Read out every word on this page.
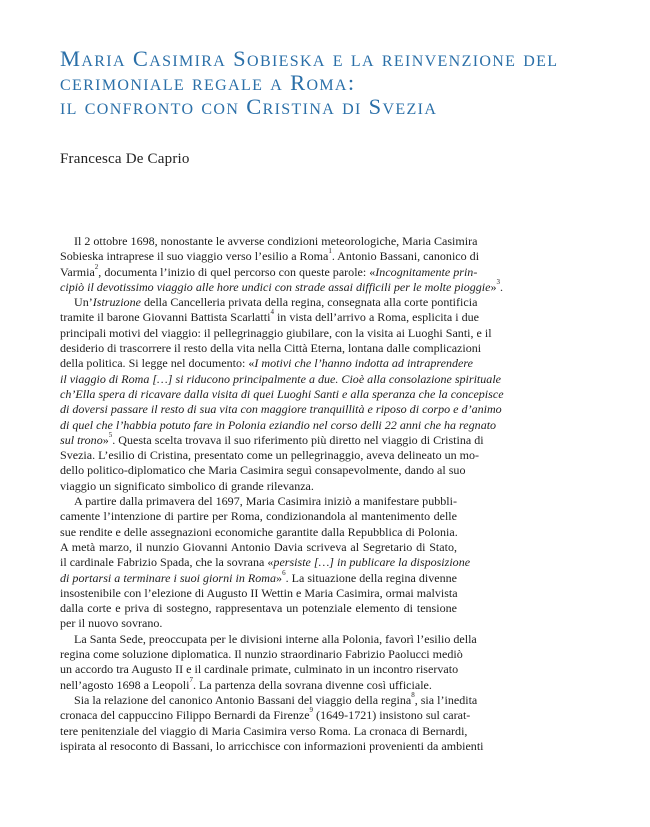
Maria Casimira Sobieska e la reinvenzione del
cerimoniale regale a Roma:
il confronto con Cristina di Svezia

Francesca De Caprio

Il 2 ottobre 1698, nonostante le avverse condizioni meteorologiche, Maria Casimira
Sobieska intraprese il suo viaggio verso l’esilio a Roma$^1$. Antonio Bassani, canonico di
Varmia$^2$, documenta l’inizio di quel percorso con queste parole: «Incognitamente prin-
cipiò il devotissimo viaggio alle hore undici con strade assai difficili per le molte pioggie»$^3$.
Un’Istruzione della Cancelleria privata della regina, consegnata alla corte pontificia
tramite il barone Giovanni Battista Scarlatti$^4$ in vista dell’arrivo a Roma, esplicita i due
principali motivi del viaggio: il pellegrinaggio giubilare, con la visita ai Luoghi Santi, e il
desiderio di trascorrere il resto della vita nella Città Eterna, lontana dalle complicazioni
della politica. Si legge nel documento: «I motivi che l’hanno indotta ad intraprendere
il viaggio di Roma […] si riducono principalmente a due. Cioè alla consolazione spirituale
ch’Ella spera di ricavare dalla visita di quei Luoghi Santi e alla speranza che la concepisce
di doversi passare il resto di sua vita con maggiore tranquillità e riposo di corpo e d’animo
di quel che l’habbia potuto fare in Polonia eziandio nel corso delli 22 anni che ha regnato
sul trono»$^5$. Questa scelta trovava il suo riferimento più diretto nel viaggio di Cristina di
Svezia. L’esilio di Cristina, presentato come un pellegrinaggio, aveva delineato un mo-
dello politico-diplomatico che Maria Casimira seguì consapevolmente, dando al suo
viaggio un significato simbolico di grande rilevanza.
A partire dalla primavera del 1697, Maria Casimira iniziò a manifestare pubbli-
camente l’intenzione di partire per Roma, condizionandola al mantenimento delle
sue rendite e delle assegnazioni economiche garantite dalla Repubblica di Polonia.
A metà marzo, il nunzio Giovanni Antonio Davia scriveva al Segretario di Stato,
il cardinale Fabrizio Spada, che la sovrana «persiste […] in publicare la disposizione
di portarsi a terminare i suoi giorni in Roma»$^6$. La situazione della regina divenne
insostenibile con l’elezione di Augusto II Wettin e Maria Casimira, ormai malvista
dalla corte e priva di sostegno, rappresentava un potenziale elemento di tensione
per il nuovo sovrano.
La Santa Sede, preoccupata per le divisioni interne alla Polonia, favorì l’esilio della
regina come soluzione diplomatica. Il nunzio straordinario Fabrizio Paolucci mediò
un accordo tra Augusto II e il cardinale primate, culminato in un incontro riservato
nell’agosto 1698 a Leopoli$^7$. La partenza della sovrana divenne così ufficiale.
Sia la relazione del canonico Antonio Bassani del viaggio della regina$^8$, sia l’inedita
cronaca del cappuccino Filippo Bernardi da Firenze$^9$ (1649-1721) insistono sul carat-
tere penitenziale del viaggio di Maria Casimira verso Roma. La cronaca di Bernardi,
ispirata al resoconto di Bassani, lo arricchisce con informazioni provenienti da ambienti
